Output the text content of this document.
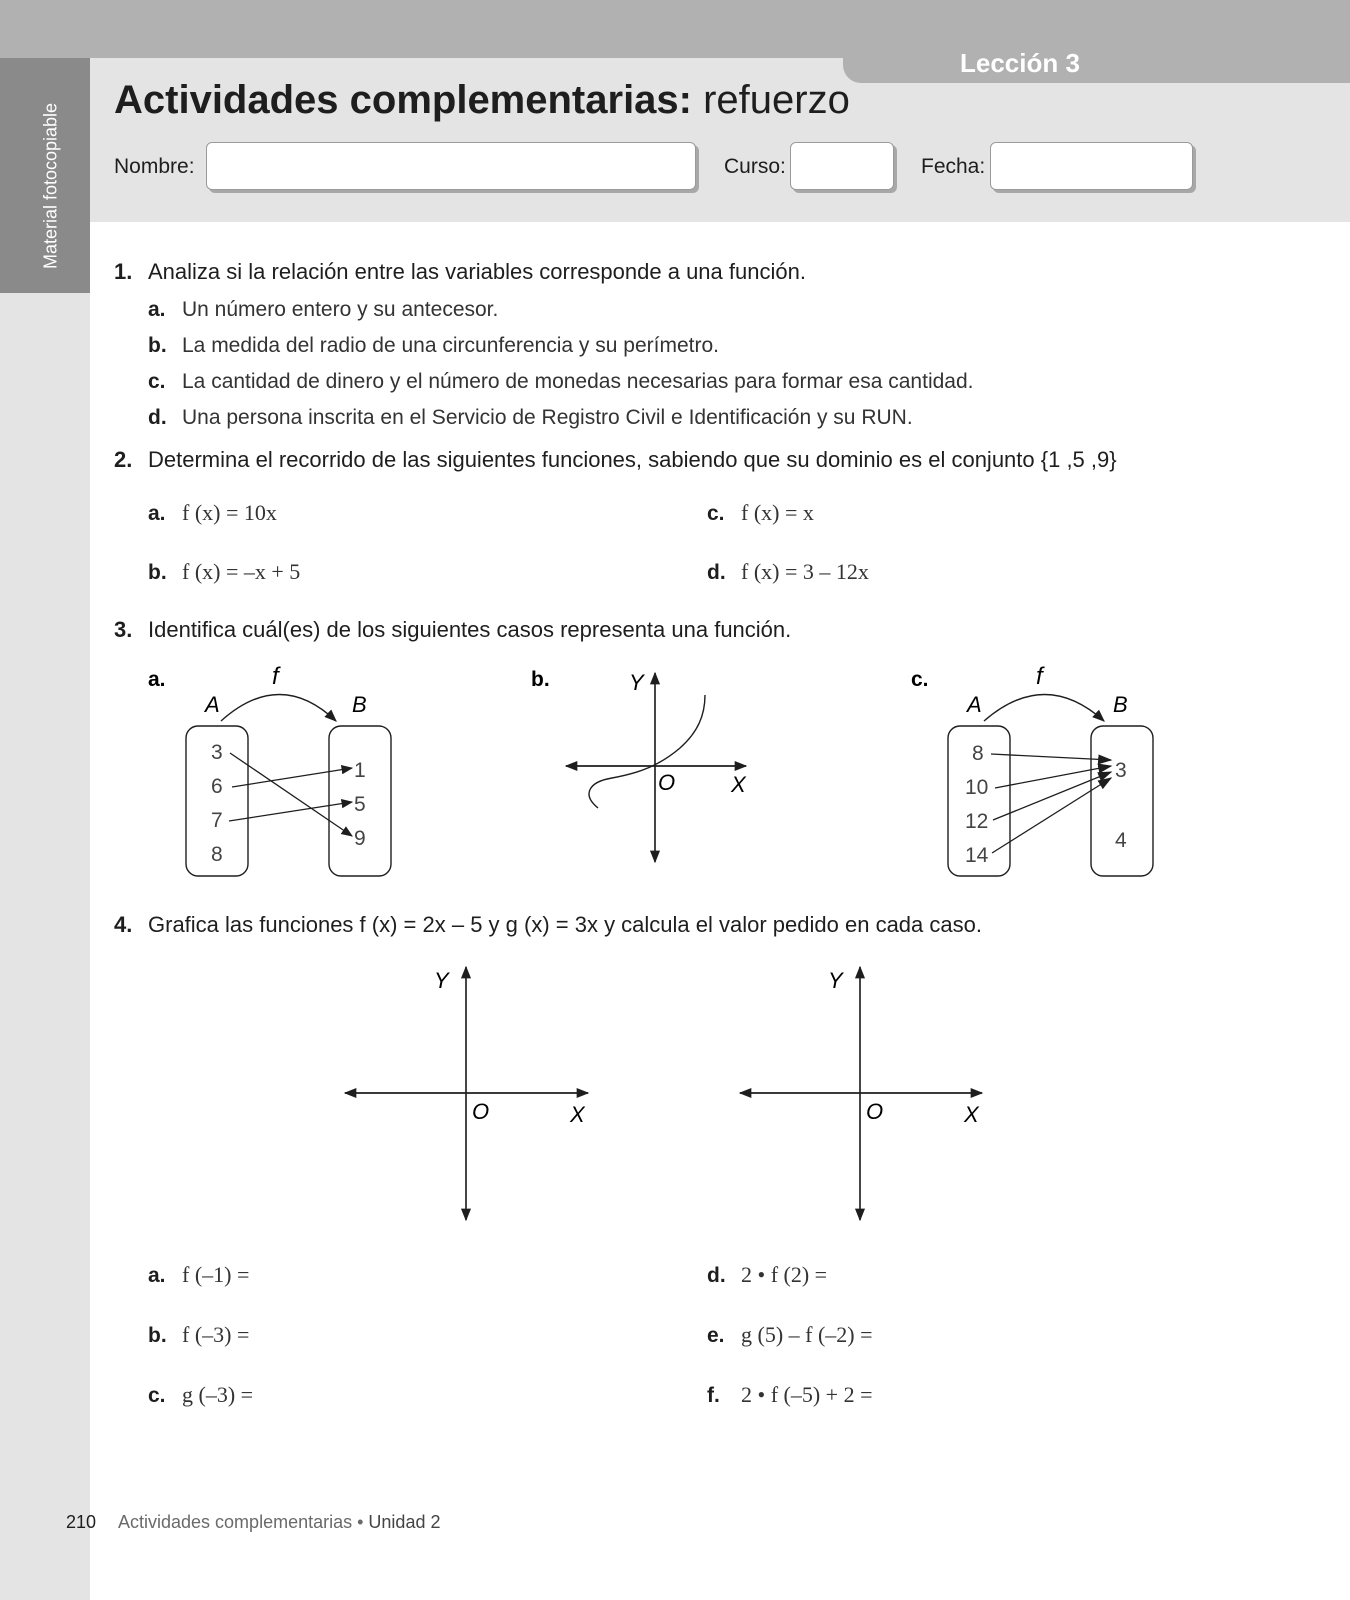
Lección 3
Material fotocopiable
Actividades complementarias: refuerzo
Nombre:	Curso:	Fecha:
1. Analiza si la relación entre las variables corresponde a una función.
a. Un número entero y su antecesor.
b. La medida del radio de una circunferencia y su perímetro.
c. La cantidad de dinero y el número de monedas necesarias para formar esa cantidad.
d. Una persona inscrita en el Servicio de Registro Civil e Identificación y su RUN.
2. Determina el recorrido de las siguientes funciones, sabiendo que su dominio es el conjunto {1 ,5 ,9}
a. f (x) = 10x
b. f (x) = –x + 5
c. f (x) = x
d. f (x) = 3 – 12x
3. Identifica cuál(es) de los siguientes casos representa una función.
a.	f
A	B
3
6
7
8
1
5
9
b.	Y
X
O
c.	f
A	B
8
10
12
14
3
4
Y
X
O
Y
X
O
4. Grafica las funciones f (x) = 2x – 5 y g (x) = 3x y calcula el valor pedido en cada caso.
a. f (–1) =
b. f (–3) =
c. g (–3) =
d. 2 • f (2) =
e. g (5) – f (–2) =
f. 2 • f (–5) + 2 =
210 Actividades complementarias • Unidad 2
